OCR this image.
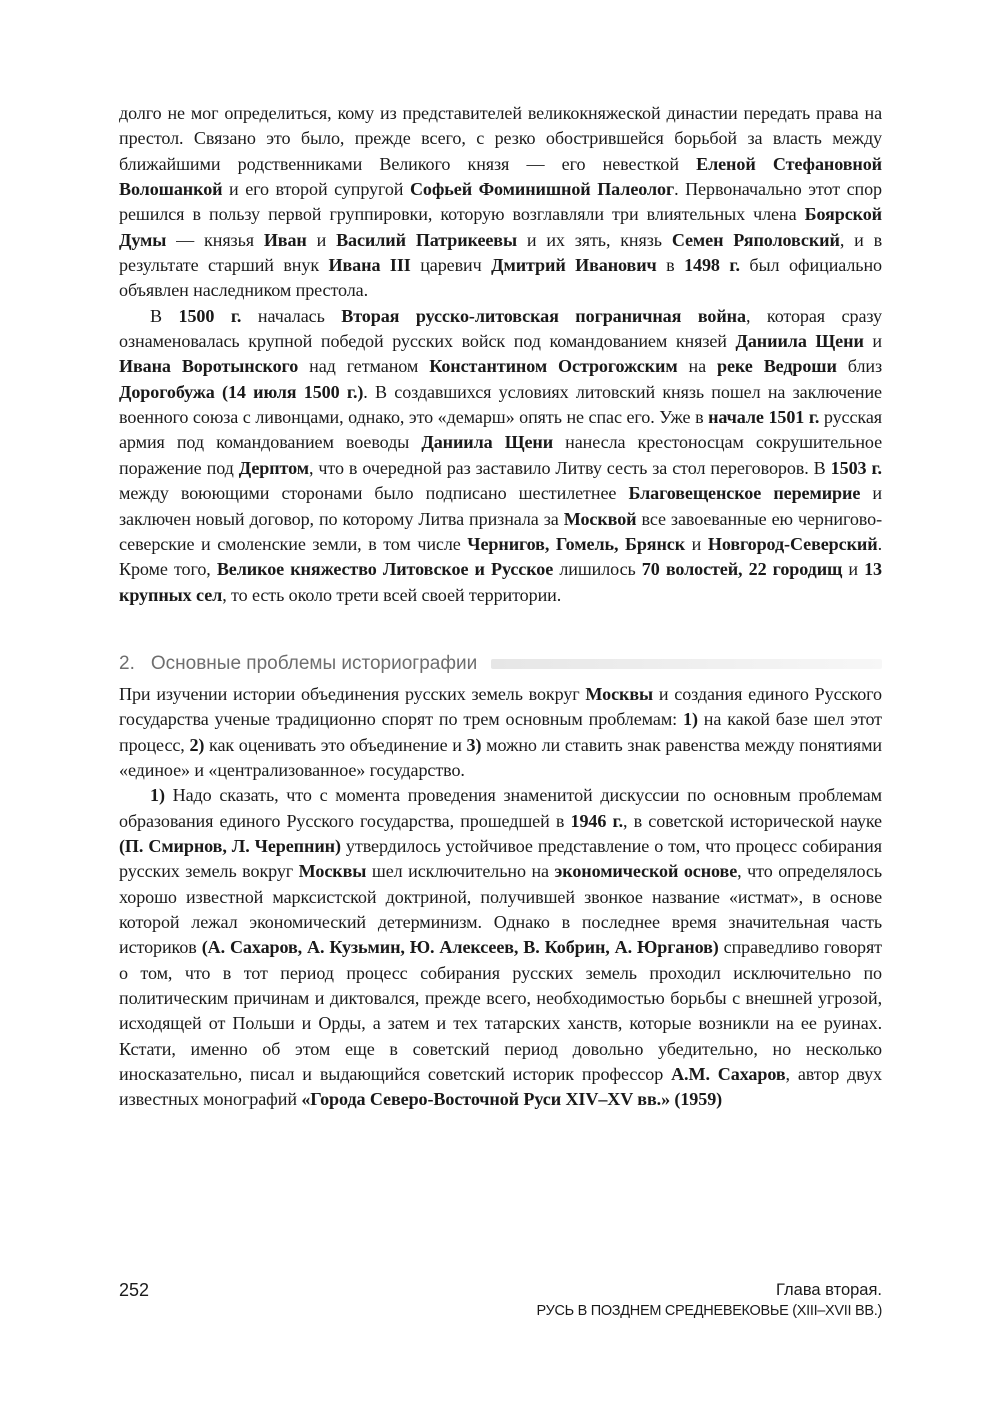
долго не мог определиться, кому из представителей великокняжеской династии передать права на престол. Связано это было, прежде всего, с резко обострившейся борьбой за власть между ближайшими родственниками Великого князя — его невесткой Еленой Стефановной Волошанкой и его второй супругой Софьей Фоминишной Палеолог. Первоначально этот спор решился в пользу первой группировки, которую возглавляли три влиятельных члена Боярской Думы — князья Иван и Василий Патрикеевы и их зять, князь Семен Ряполовский, и в результате старший внук Ивана III царевич Дмитрий Иванович в 1498 г. был официально объявлен наследником престола.

В 1500 г. началась Вторая русско-литовская пограничная война, которая сразу ознаменовалась крупной победой русских войск под командованием князей Даниила Щени и Ивана Воротынского над гетманом Константином Острогожским на реке Ведроши близ Дорогобужа (14 июля 1500 г.). В создавшихся условиях литовский князь пошел на заключение военного союза с ливонцами, однако, это «демарш» опять не спас его. Уже в начале 1501 г. русская армия под командованием воеводы Даниила Щени нанесла крестоносцам сокрушительное поражение под Дерптом, что в очередной раз заставило Литву сесть за стол переговоров. В 1503 г. между воюющими сторонами было подписано шестилетнее Благовещенское перемирие и заключен новый договор, по которому Литва признала за Москвой все завоеванные ею чернигово-северские и смоленские земли, в том числе Чернигов, Гомель, Брянск и Новгород-Северский. Кроме того, Великое княжество Литовское и Русское лишилось 70 волостей, 22 городищ и 13 крупных сел, то есть около трети всей своей территории.

2. Основные проблемы историографии

При изучении истории объединения русских земель вокруг Москвы и создания единого Русского государства ученые традиционно спорят по трем основным проблемам: 1) на какой базе шел этот процесс, 2) как оценивать это объединение и 3) можно ли ставить знак равенства между понятиями «единое» и «централизованное» государство.

1) Надо сказать, что с момента проведения знаменитой дискуссии по основным проблемам образования единого Русского государства, прошедшей в 1946 г., в советской исторической науке (П. Смирнов, Л. Черепнин) утвердилось устойчивое представление о том, что процесс собирания русских земель вокруг Москвы шел исключительно на экономической основе, что определялось хорошо известной марксистской доктриной, получившей звонкое название «истмат», в основе которой лежал экономический детерминизм. Однако в последнее время значительная часть историков (А. Сахаров, А. Кузьмин, Ю. Алексеев, В. Кобрин, А. Юрганов) справедливо говорят о том, что в тот период процесс собирания русских земель проходил исключительно по политическим причинам и диктовался, прежде всего, необходимостью борьбы с внешней угрозой, исходящей от Польши и Орды, а затем и тех татарских ханств, которые возникли на ее руинах. Кстати, именно об этом еще в советский период довольно убедительно, но несколько иносказательно, писал и выдающийся советский историк профессор А.М. Сахаров, автор двух известных монографий «Города Северо-Восточной Руси XIV–XV вв.» (1959)

252	Глава вторая.
РУСЬ В ПОЗДНЕМ СРЕДНЕВЕКОВЬЕ (XIII–XVII ВВ.)
